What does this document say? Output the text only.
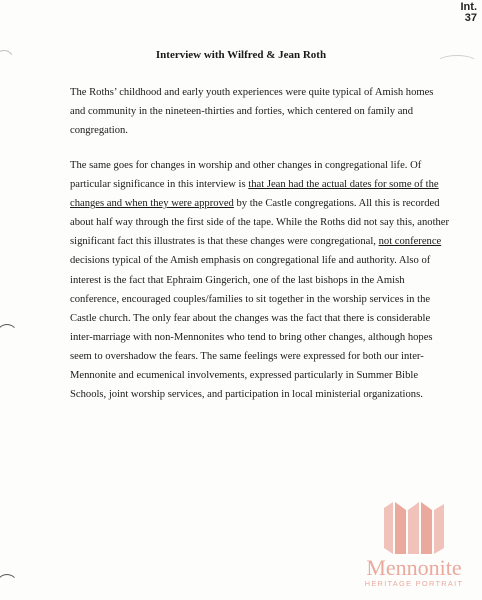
Int.
37
Interview with Wilfred & Jean Roth

The Roths’ childhood and early youth experiences were quite typical of Amish homes
and community in the nineteen-thirties and forties, which centered on family and
congregation.

The same goes for changes in worship and other changes in congregational life. Of
particular significance in this interview is that Jean had the actual dates for some of the
changes and when they were approved by the Castle congregations. All this is recorded
about half way through the first side of the tape. While the Roths did not say this, another
significant fact this illustrates is that these changes were congregational, not conference
decisions typical of the Amish emphasis on congregational life and authority. Also of
interest is the fact that Ephraim Gingerich, one of the last bishops in the Amish
conference, encouraged couples/families to sit together in the worship services in the
Castle church. The only fear about the changes was the fact that there is considerable
inter-marriage with non-Mennonites who tend to bring other changes, although hopes
seem to overshadow the fears. The same feelings were expressed for both our inter-
Mennonite and ecumenical involvements, expressed particularly in Summer Bible
Schools, joint worship services, and participation in local ministerial organizations.

Mennonite
HERITAGE PORTRAIT
